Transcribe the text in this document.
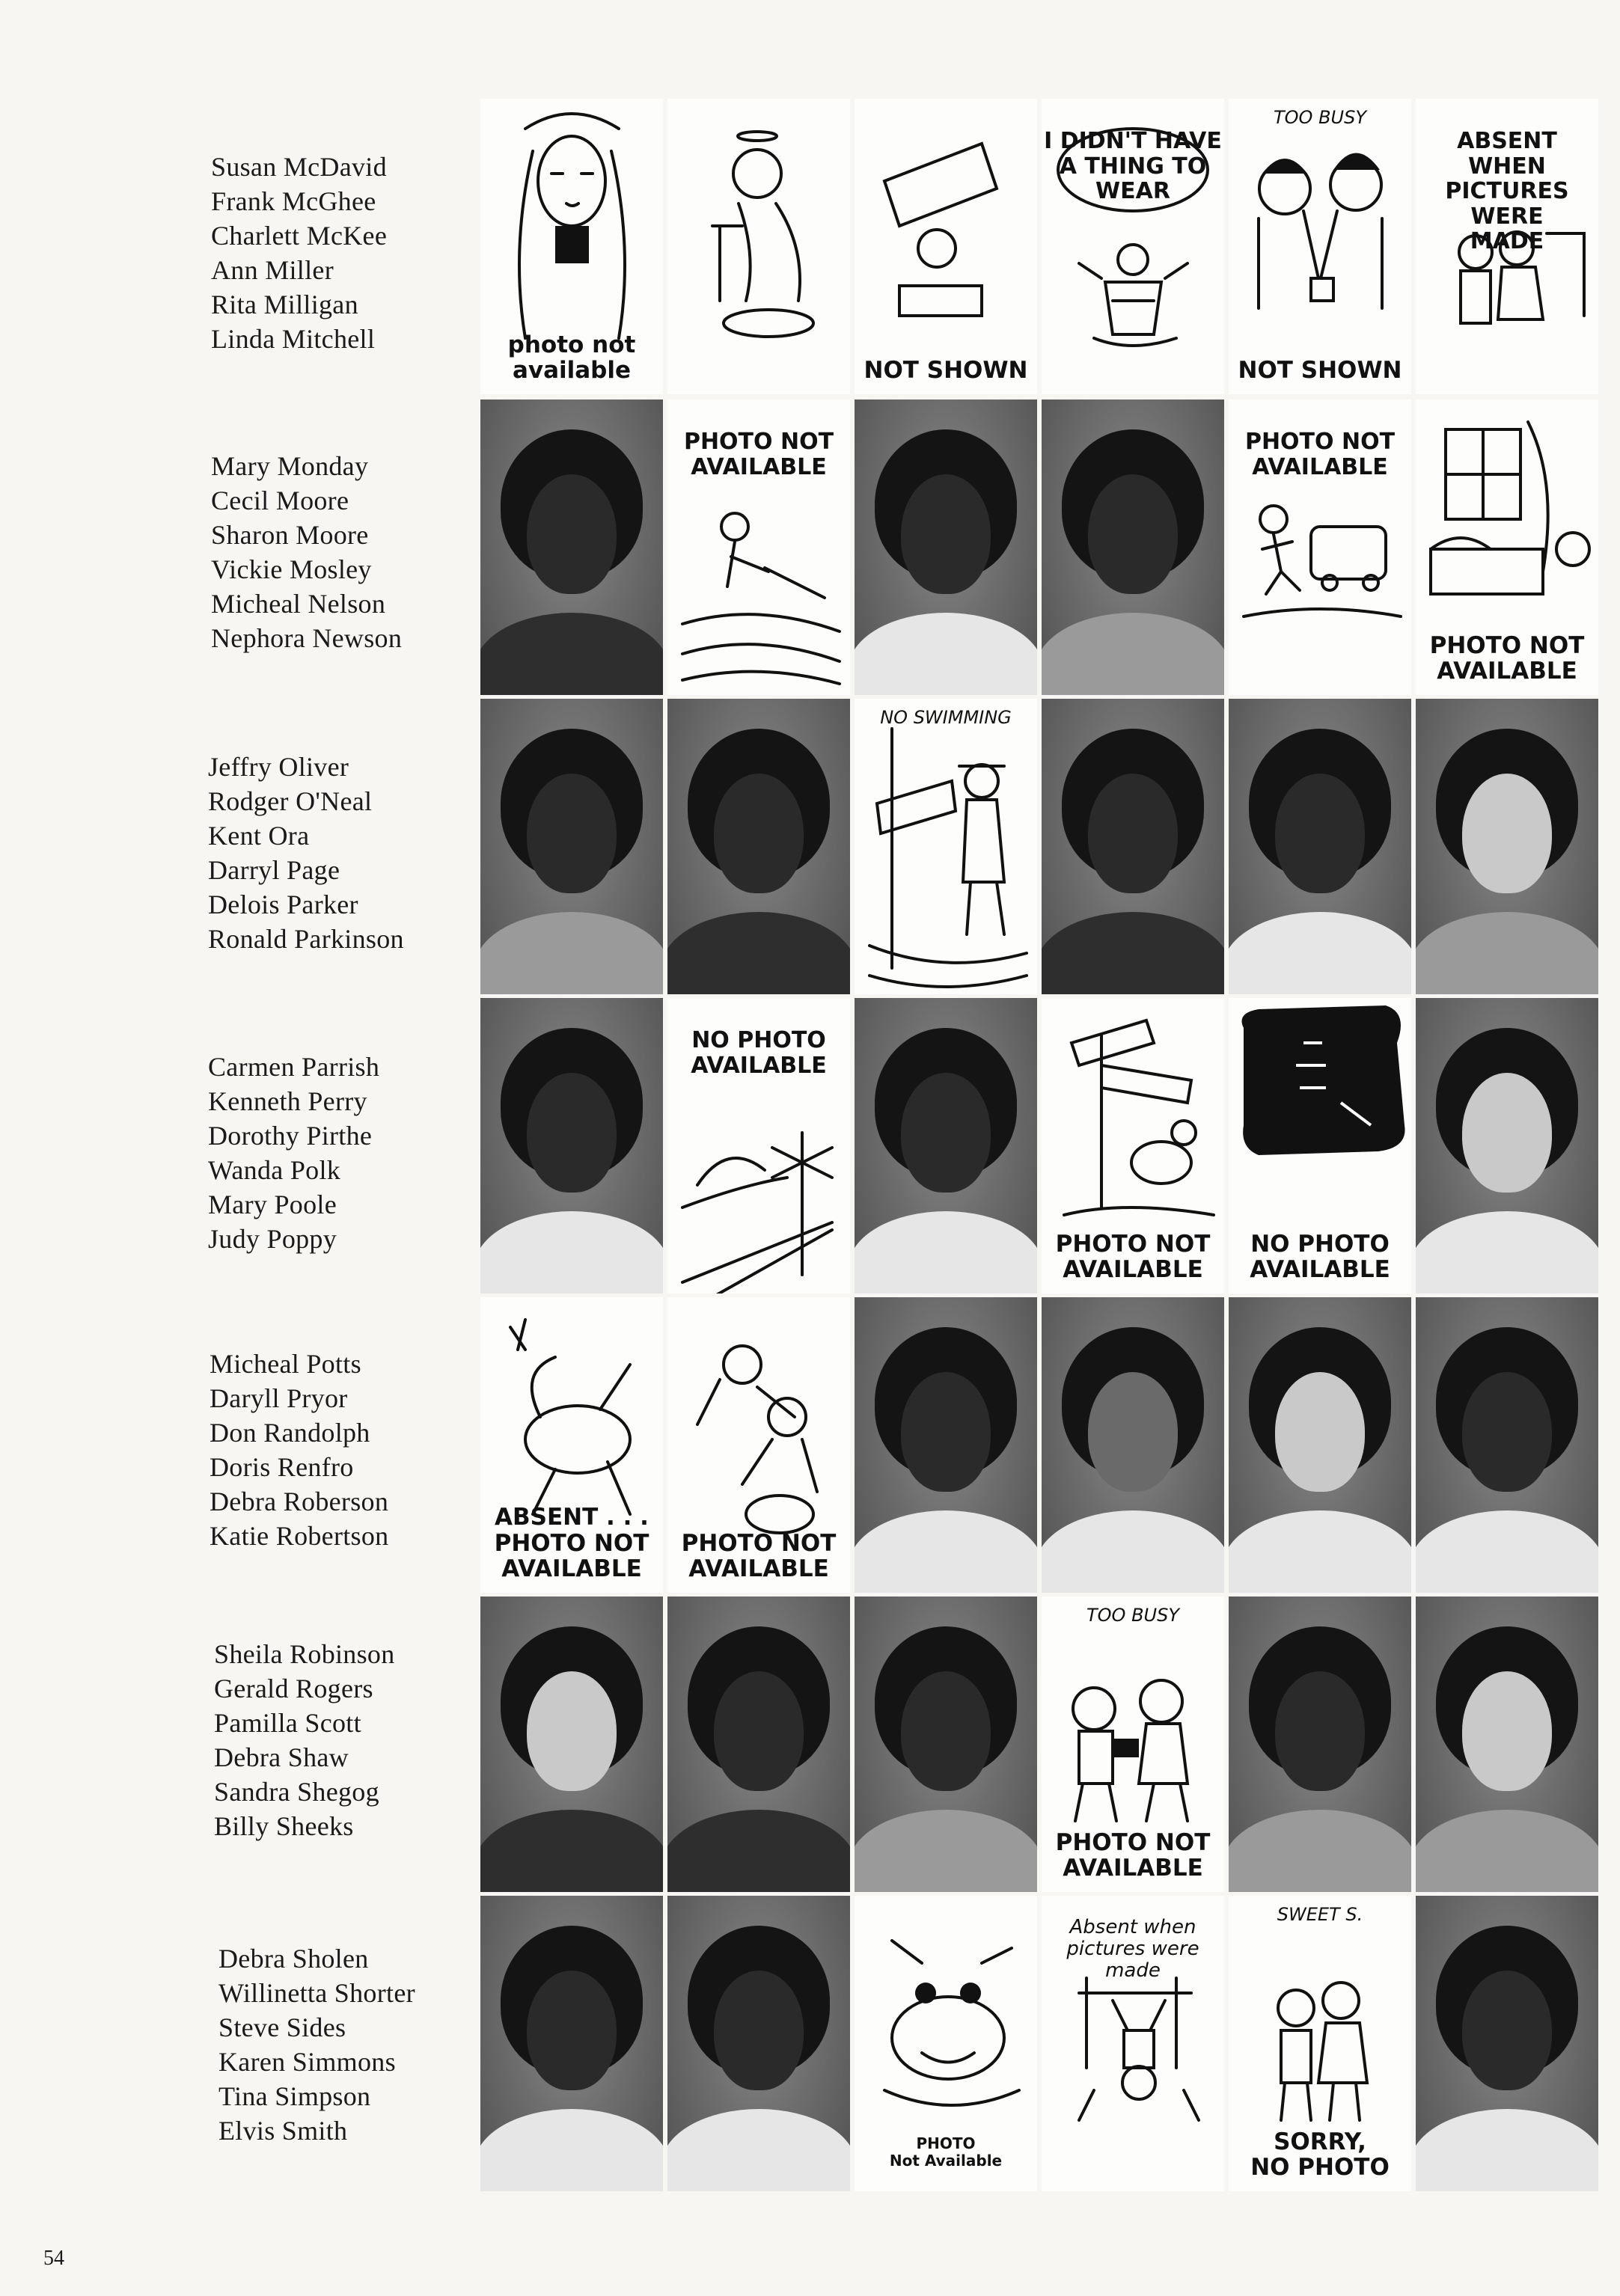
Susan McDavid
Frank McGhee
Charlett McKee
Ann Miller
Rita Milligan
Linda Mitchell
Mary Monday
Cecil Moore
Sharon Moore
Vickie Mosley
Micheal Nelson
Nephora Newson
Jeffry Oliver
Rodger O'Neal
Kent Ora
Darryl Page
Delois Parker
Ronald Parkinson
Carmen Parrish
Kenneth Perry
Dorothy Pirthe
Wanda Polk
Mary Poole
Judy Poppy
Micheal Potts
Daryll Pryor
Don Randolph
Doris Renfro
Debra Roberson
Katie Robertson
Sheila Robinson
Gerald Rogers
Pamilla Scott
Debra Shaw
Sandra Shegog
Billy Sheeks
Debra Sholen
Willinetta Shorter
Steve Sides
Karen Simmons
Tina Simpson
Elvis Smith
photo not
available	NOT SHOWN
I DIDN'T HAVE
A THING TO
WEAR
TOO BUSY
NOT SHOWN
ABSENT WHEN
PICTURES WERE
MADE
PHOTO NOT
AVAILABLE
PHOTO NOT
AVAILABLE
PHOTO NOT
AVAILABLE
NO SWIMMING
NO PHOTO
AVAILABLE
PHOTO NOT
AVAILABLE
NO PHOTO
AVAILABLE
ABSENT . . .
PHOTO NOT
AVAILABLE
PHOTO NOT
AVAILABLE
TOO BUSY
PHOTO NOT
AVAILABLE
PHOTO
Not Available
Absent when
pictures were made
SWEET S.
SORRY,
NO PHOTO
54
